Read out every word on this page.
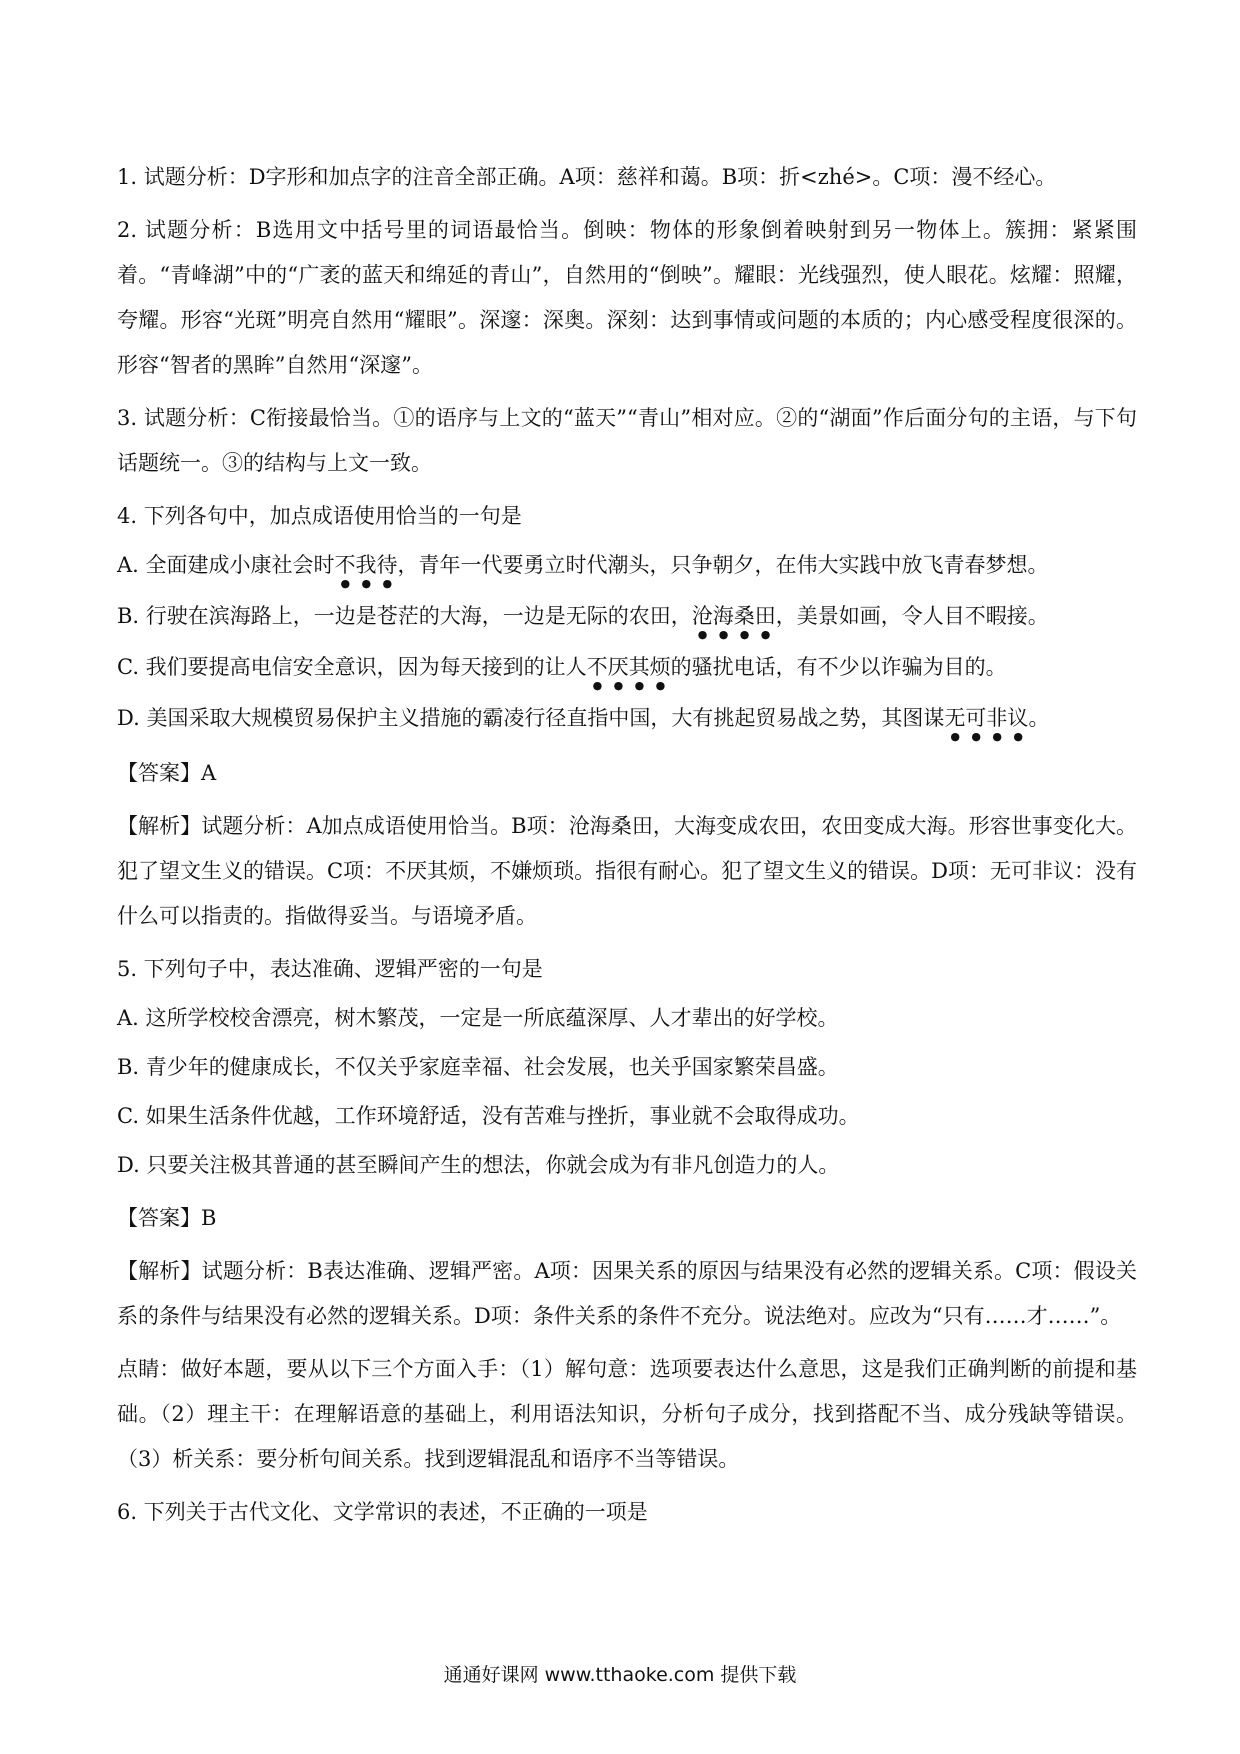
1. 试题分析：D字形和加点字的注音全部正确。A项：慈祥和蔼。B项：折<zhé>。C项：漫不经心。

2. 试题分析：B选用文中括号里的词语最恰当。倒映：物体的形象倒着映射到另一物体上。簇拥：紧紧围着。“青峰湖”中的“广袤的蓝天和绵延的青山”，自然用的“倒映”。耀眼：光线强烈，使人眼花。炫耀：照耀，夸耀。形容“光斑”明亮自然用“耀眼”。深邃：深奥。深刻：达到事情或问题的本质的；内心感受程度很深的。形容“智者的黑眸”自然用“深邃”。

3. 试题分析：C衔接最恰当。①的语序与上文的“蓝天”“青山”相对应。②的“湖面”作后面分句的主语，与下句话题统一。③的结构与上文一致。

4. 下列各句中，加点成语使用恰当的一句是

A. 全面建成小康社会时不我待，青年一代要勇立时代潮头，只争朝夕，在伟大实践中放飞青春梦想。

B. 行驶在滨海路上，一边是苍茫的大海，一边是无际的农田，沧海桑田，美景如画，令人目不暇接。

C. 我们要提高电信安全意识，因为每天接到的让人不厌其烦的骚扰电话，有不少以诈骗为目的。

D. 美国采取大规模贸易保护主义措施的霸凌行径直指中国，大有挑起贸易战之势，其图谋无可非议。

【答案】A

【解析】试题分析：A加点成语使用恰当。B项：沧海桑田，大海变成农田，农田变成大海。形容世事变化大。犯了望文生义的错误。C项：不厌其烦，不嫌烦琐。指很有耐心。犯了望文生义的错误。D项：无可非议：没有什么可以指责的。指做得妥当。与语境矛盾。

5. 下列句子中，表达准确、逻辑严密的一句是

A. 这所学校校舍漂亮，树木繁茂，一定是一所底蕴深厚、人才辈出的好学校。

B. 青少年的健康成长，不仅关乎家庭幸福、社会发展，也关乎国家繁荣昌盛。

C. 如果生活条件优越，工作环境舒适，没有苦难与挫折，事业就不会取得成功。

D. 只要关注极其普通的甚至瞬间产生的想法，你就会成为有非凡创造力的人。

【答案】B

【解析】试题分析：B表达准确、逻辑严密。A项：因果关系的原因与结果没有必然的逻辑关系。C项：假设关系的条件与结果没有必然的逻辑关系。D项：条件关系的条件不充分。说法绝对。应改为“只有……才……”。

点睛：做好本题，要从以下三个方面入手：（1）解句意：选项要表达什么意思，这是我们正确判断的前提和基础。（2）理主干：在理解语意的基础上，利用语法知识，分析句子成分，找到搭配不当、成分残缺等错误。（3）析关系：要分析句间关系。找到逻辑混乱和语序不当等错误。

6. 下列关于古代文化、文学常识的表述，不正确的一项是

通通好课网 www.tthaoke.com 提供下载
